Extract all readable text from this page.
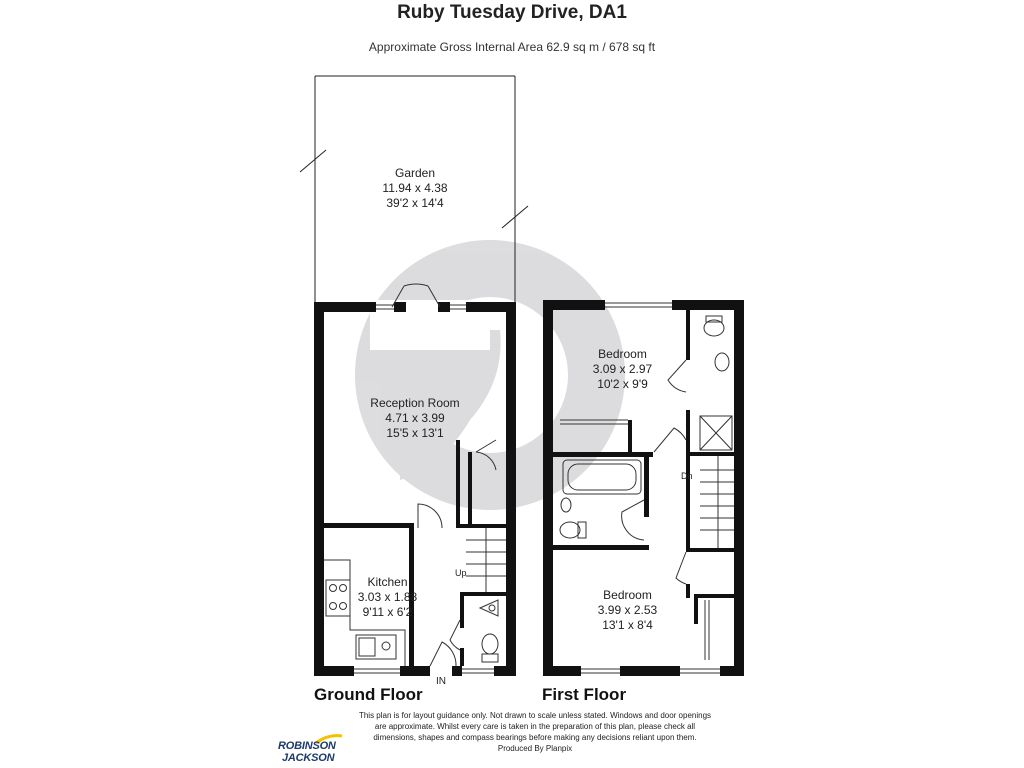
Ruby Tuesday Drive, DA1
Approximate Gross Internal Area 62.9 sq m / 678 sq ft
Garden
11.94 x 4.38
39'2 x 14'4
Reception Room
4.71 x 3.99
15'5 x 13'1
Kitchen
3.03 x 1.88
9'11 x 6'2
Up
IN
Bedroom
3.09 x 2.97
10'2 x 9'9
Bedroom
3.99 x 2.53
13'1 x 8'4
Dn
Ground Floor	First Floor
This plan is for layout guidance only. Not drawn to scale unless stated. Windows and door openings
are approximate. Whilst every care is taken in the preparation of this plan, please check all
dimensions, shapes and compass bearings before making any decisions reliant upon them.
Produced By Planpix
ROBINSON
JACKSON
